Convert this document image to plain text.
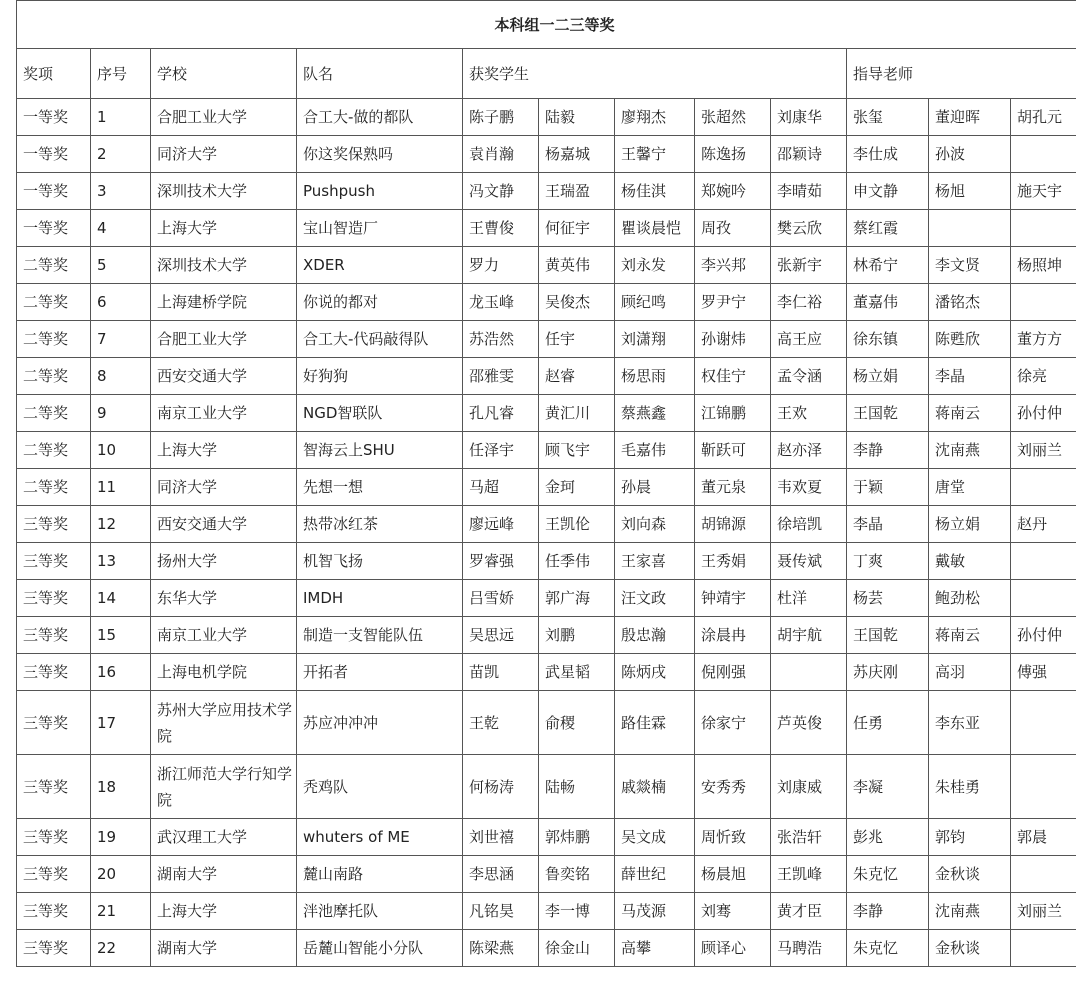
本科组一二三等奖											
奖项	序号	学校	队名	获奖学生					指导老师		
一等奖	1	合肥工业大学	合工大-做的都队	陈子鹏	陆毅	廖翔杰	张超然	刘康华	张玺	董迎晖	胡孔元
一等奖	2	同济大学	你这奖保熟吗	袁肖瀚	杨嘉城	王馨宁	陈逸扬	邵颖诗	李仕成	孙波	
一等奖	3	深圳技术大学	Pushpush	冯文静	王瑞盈	杨佳淇	郑婉吟	李晴茹	申文静	杨旭	施天宇
一等奖	4	上海大学	宝山智造厂	王曹俊	何征宇	瞿谈晨恺	周孜	樊云欣	蔡红霞		
二等奖	5	深圳技术大学	XDER	罗力	黄英伟	刘永发	李兴邦	张新宇	林希宁	李文贤	杨照坤
二等奖	6	上海建桥学院	你说的都对	龙玉峰	吴俊杰	顾纪鸣	罗尹宁	李仁裕	董嘉伟	潘铭杰	
二等奖	7	合肥工业大学	合工大-代码敲得队	苏浩然	任宇	刘潇翔	孙谢炜	高王应	徐东镇	陈甦欣	董方方
二等奖	8	西安交通大学	好狗狗	邵雅雯	赵睿	杨思雨	权佳宁	孟令涵	杨立娟	李晶	徐亮
二等奖	9	南京工业大学	NGD智联队	孔凡睿	黄汇川	蔡燕鑫	江锦鹏	王欢	王国乾	蒋南云	孙付仲
二等奖	10	上海大学	智海云上SHU	任泽宇	顾飞宇	毛嘉伟	靳跃可	赵亦泽	李静	沈南燕	刘丽兰
二等奖	11	同济大学	先想一想	马超	金珂	孙晨	董元泉	韦欢夏	于颖	唐堂	
三等奖	12	西安交通大学	热带冰红茶	廖远峰	王凯伦	刘向森	胡锦源	徐培凯	李晶	杨立娟	赵丹
三等奖	13	扬州大学	机智飞扬	罗睿强	任季伟	王家喜	王秀娟	聂传斌	丁爽	戴敏	
三等奖	14	东华大学	IMDH	吕雪娇	郭广海	汪文政	钟靖宇	杜洋	杨芸	鲍劲松	
三等奖	15	南京工业大学	制造一支智能队伍	吴思远	刘鹏	殷忠瀚	涂晨冉	胡宇航	王国乾	蒋南云	孙付仲
三等奖	16	上海电机学院	开拓者	苗凯	武星韬	陈炳戌	倪刚强		苏庆刚	高羽	傅强
三等奖	17	苏州大学应用技术学院	苏应冲冲冲	王乾	俞稷	路佳霖	徐家宁	芦英俊	任勇	李东亚	
三等奖	18	浙江师范大学行知学院	秃鸡队	何杨涛	陆畅	戚燚楠	安秀秀	刘康威	李凝	朱桂勇	
三等奖	19	武汉理工大学	whuters of ME	刘世禧	郭炜鹏	吴文成	周忻致	张浩轩	彭兆	郭钧	郭晨
三等奖	20	湖南大学	麓山南路	李思涵	鲁奕铭	薛世纪	杨晨旭	王凯峰	朱克忆	金秋谈	
三等奖	21	上海大学	泮池摩托队	凡铭昊	李一博	马茂源	刘骞	黄才臣	李静	沈南燕	刘丽兰
三等奖	22	湖南大学	岳麓山智能小分队	陈梁燕	徐金山	高攀	顾译心	马聘浩	朱克忆	金秋谈	
